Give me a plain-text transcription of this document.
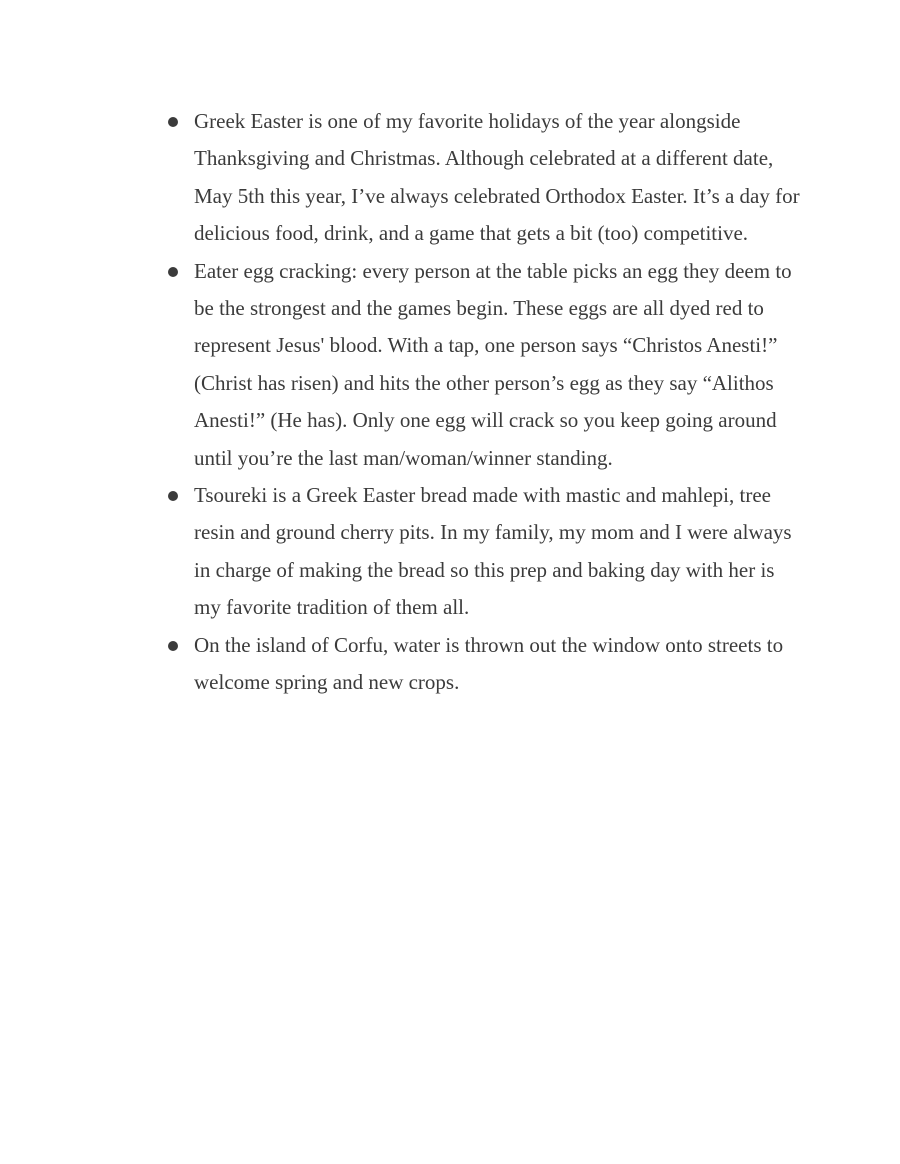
Greek Easter is one of my favorite holidays of the year alongside Thanksgiving and Christmas. Although celebrated at a different date, May 5th this year, I’ve always celebrated Orthodox Easter. It’s a day for delicious food, drink, and a game that gets a bit (too) competitive.
Eater egg cracking: every person at the table picks an egg they deem to be the strongest and the games begin. These eggs are all dyed red to represent Jesus' blood. With a tap, one person says “Christos Anesti!” (Christ has risen) and hits the other person’s egg as they say “Alithos Anesti!” (He has). Only one egg will crack so you keep going around until you’re the last man/woman/winner standing.
Tsoureki is a Greek Easter bread made with mastic and mahlepi, tree resin and ground cherry pits. In my family, my mom and I were always in charge of making the bread so this prep and baking day with her is my favorite tradition of them all.
On the island of Corfu, water is thrown out the window onto streets to welcome spring and new crops.
